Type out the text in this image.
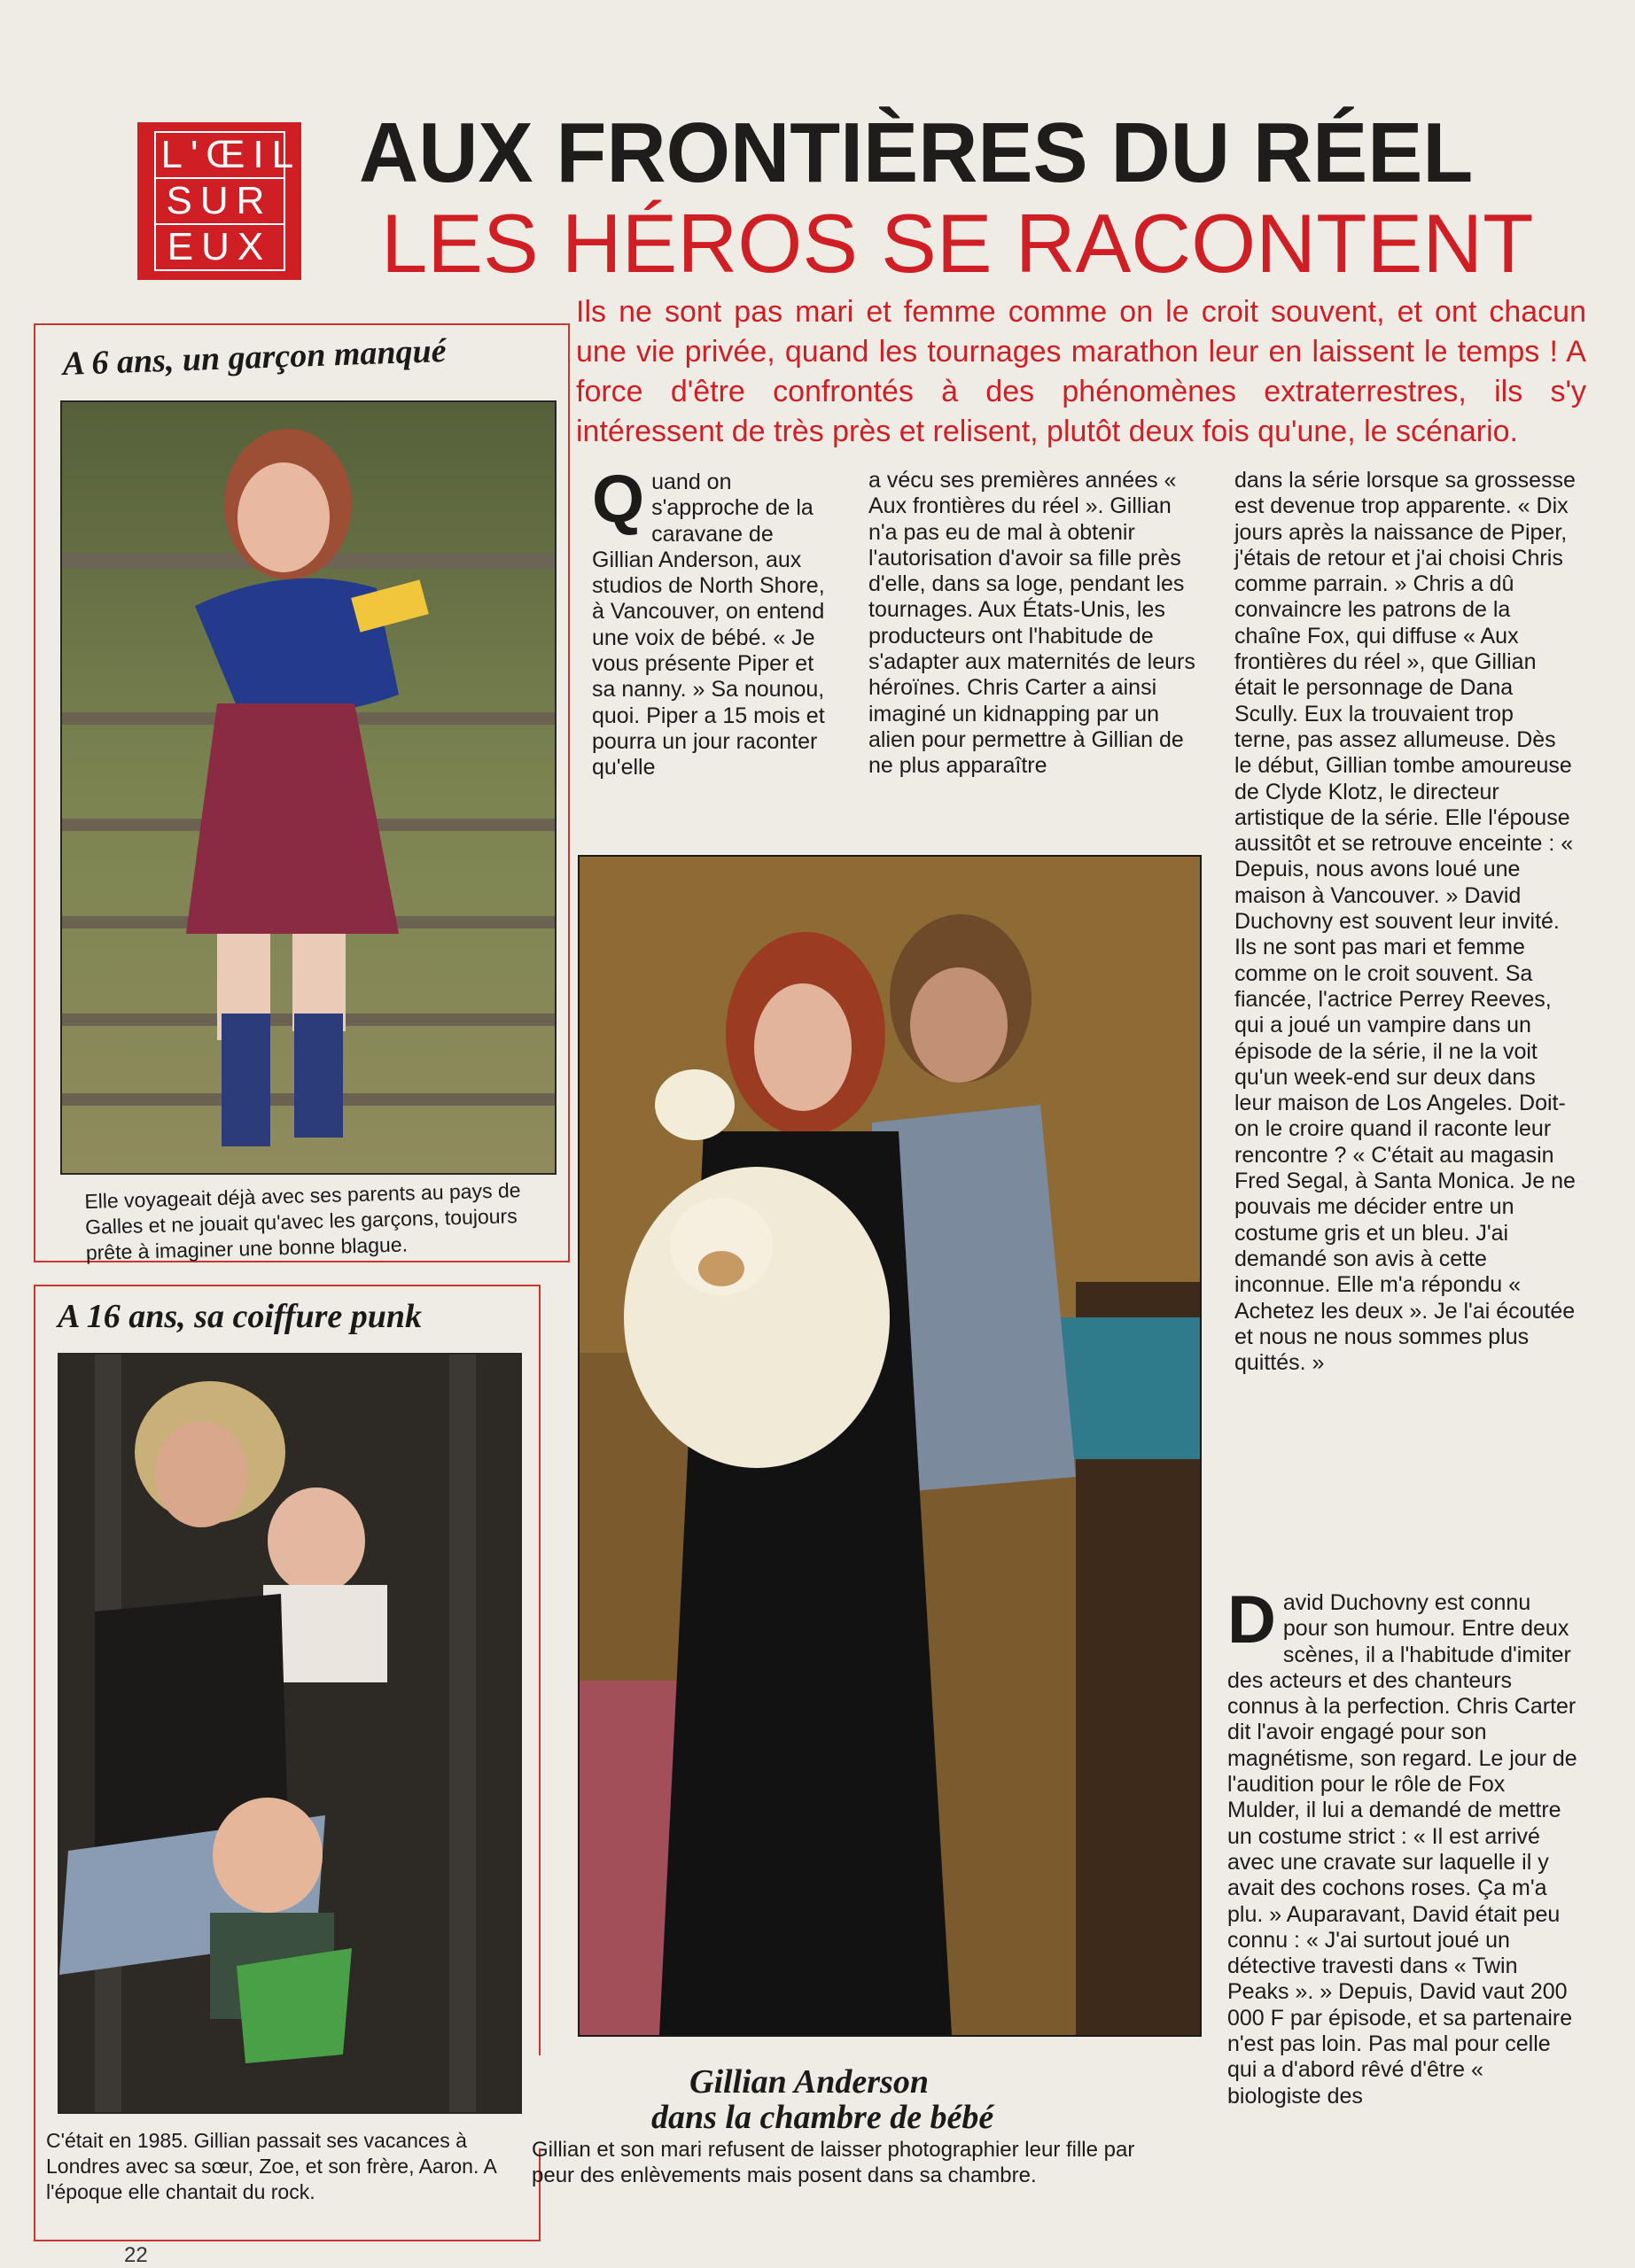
L'ŒIL
SUR
EUX
AUX FRONTIÈRES DU RÉEL
LES HÉROS SE RACONTENT
Ils ne sont pas mari et femme comme on le croit souvent, et ont chacun une vie privée, quand les tournages marathon leur en laissent le temps ! A force d'être confrontés à des phénomènes extraterrestres, ils s'y intéressent de très près et relisent, plutôt deux fois qu'une, le scénario.
A 6 ans, un garçon manqué
Elle voyageait déjà avec ses parents au pays de Galles et ne jouait qu'avec les garçons, toujours prête à imaginer une bonne blague.
A 16 ans, sa coiffure punk
C'était en 1985. Gillian passait ses vacances à Londres avec sa sœur, Zoe, et son frère, Aaron. A l'époque elle chantait du rock.
Gillian Anderson
dans la chambre de bébé
Gillian et son mari refusent de laisser photographier leur fille par peur des enlèvements mais posent dans sa chambre.

Quand on s'approche de la caravane de Gillian Anderson, aux studios de North Shore, à Vancouver, on entend une voix de bébé. « Je vous présente Piper et sa nanny. » Sa nounou, quoi. Piper a 15 mois et pourra un jour raconter qu'elle

a vécu ses premières années « Aux frontières du réel ». Gillian n'a pas eu de mal à obtenir l'autorisation d'avoir sa fille près d'elle, dans sa loge, pendant les tournages. Aux États-Unis, les producteurs ont l'habitude de s'adapter aux maternités de leurs héroïnes. Chris Carter a ainsi imaginé un kidnapping par un alien pour permettre à Gillian de ne plus apparaître

dans la série lorsque sa grossesse est devenue trop apparente. « Dix jours après la naissance de Piper, j'étais de retour et j'ai choisi Chris comme parrain. » Chris a dû convaincre les patrons de la chaîne Fox, qui diffuse « Aux frontières du réel », que Gillian était le personnage de Dana Scully. Eux la trouvaient trop terne, pas assez allumeuse. Dès le début, Gillian tombe amoureuse de Clyde Klotz, le directeur artistique de la série. Elle l'épouse aussitôt et se retrouve enceinte : « Depuis, nous avons loué une maison à Vancouver. » David Duchovny est souvent leur invité. Ils ne sont pas mari et femme comme on le croit souvent. Sa fiancée, l'actrice Perrey Reeves, qui a joué un vampire dans un épisode de la série, il ne la voit qu'un week-end sur deux dans leur maison de Los Angeles. Doit-on le croire quand il raconte leur rencontre ? « C'était au magasin Fred Segal, à Santa Monica. Je ne pouvais me décider entre un costume gris et un bleu. J'ai demandé son avis à cette inconnue. Elle m'a répondu « Achetez les deux ». Je l'ai écoutée et nous ne nous sommes plus quittés. »

David Duchovny est connu pour son humour. Entre deux scènes, il a l'habitude d'imiter des acteurs et des chanteurs connus à la perfection. Chris Carter dit l'avoir engagé pour son magnétisme, son regard. Le jour de l'audition pour le rôle de Fox Mulder, il lui a demandé de mettre un costume strict : « Il est arrivé avec une cravate sur laquelle il y avait des cochons roses. Ça m'a plu. » Auparavant, David était peu connu : « J'ai surtout joué un détective travesti dans « Twin Peaks ». » Depuis, David vaut 200 000 F par épisode, et sa partenaire n'est pas loin. Pas mal pour celle qui a d'abord rêvé d'être « biologiste des

22
